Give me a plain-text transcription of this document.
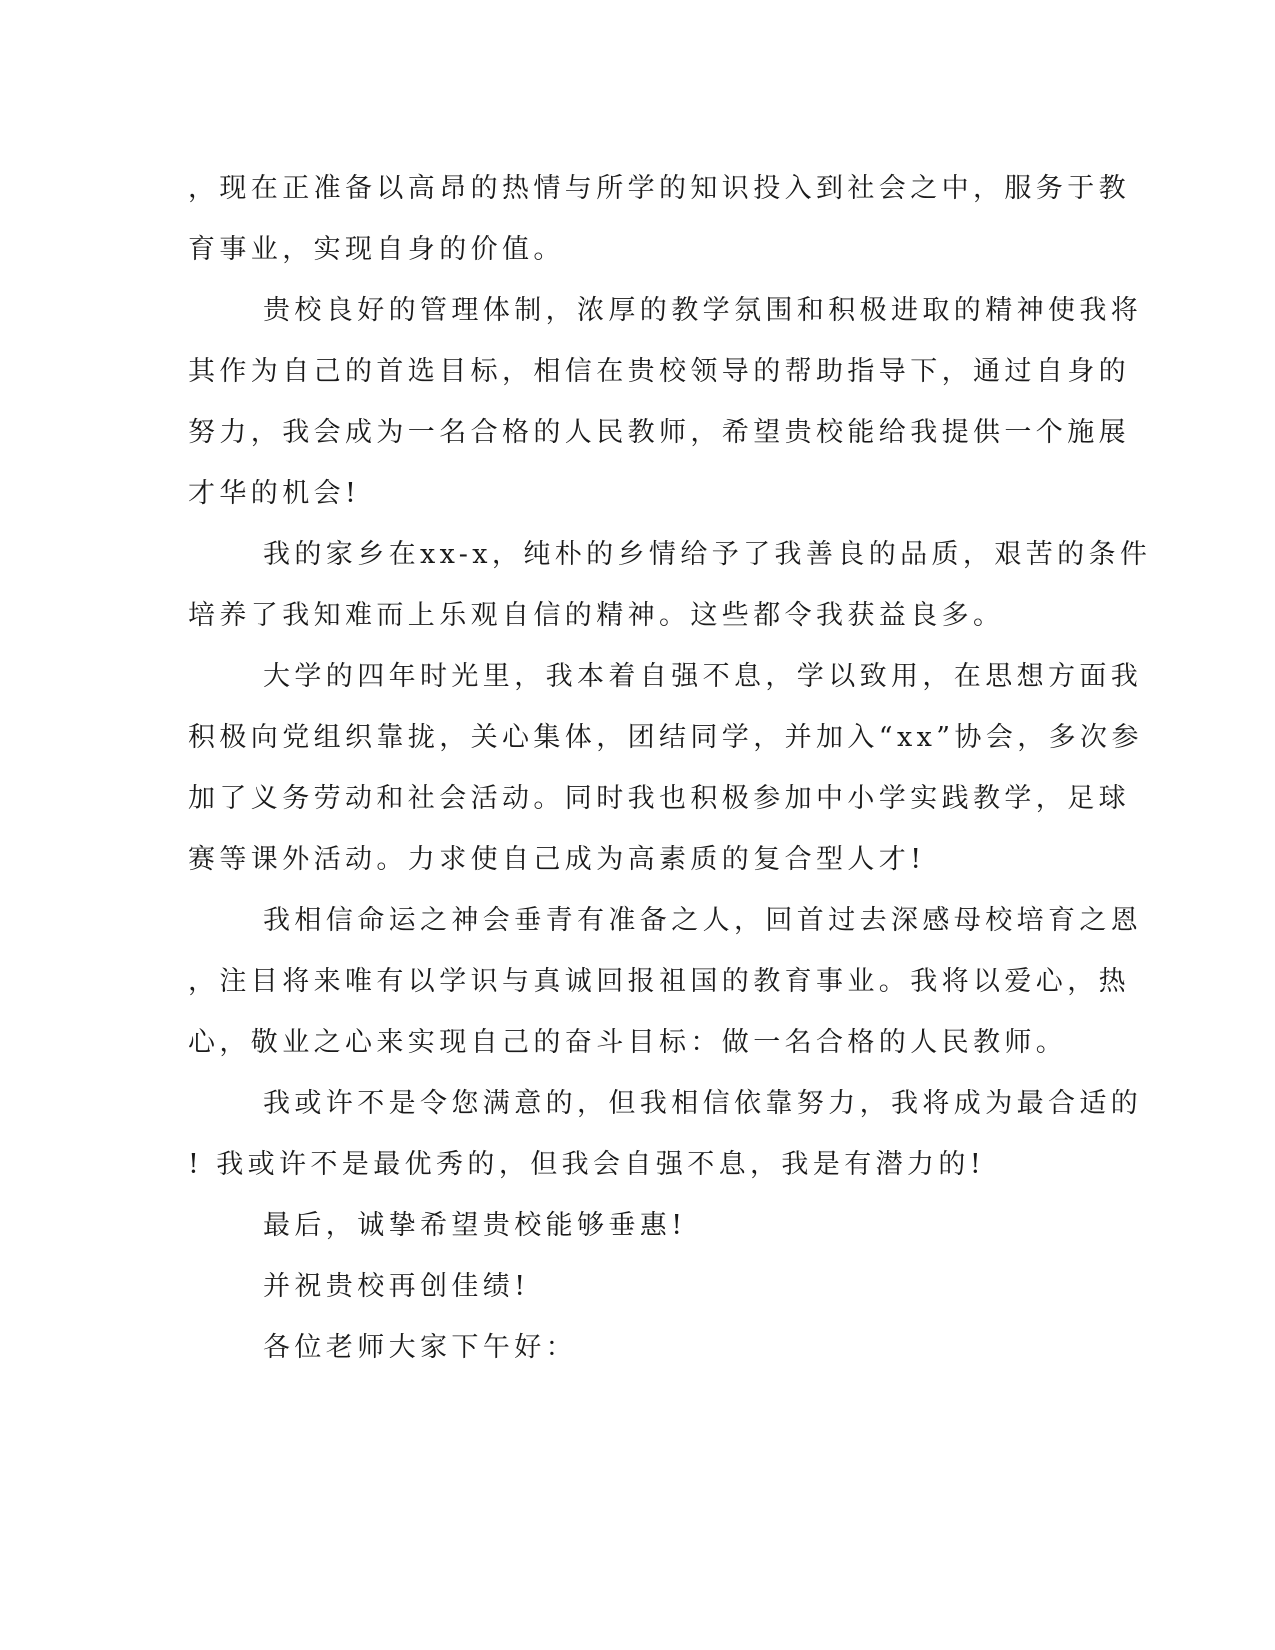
，现在正准备以高昂的热情与所学的知识投入到社会之中，服务于教
育事业，实现自身的价值。

贵校良好的管理体制，浓厚的教学氛围和积极进取的精神使我将
其作为自己的首选目标，相信在贵校领导的帮助指导下，通过自身的
努力，我会成为一名合格的人民教师，希望贵校能给我提供一个施展
才华的机会!

我的家乡在xx-x，纯朴的乡情给予了我善良的品质，艰苦的条件
培养了我知难而上乐观自信的精神。这些都令我获益良多。

大学的四年时光里，我本着自强不息，学以致用，在思想方面我
积极向党组织靠拢，关心集体，团结同学，并加入“xx”协会，多次参
加了义务劳动和社会活动。同时我也积极参加中小学实践教学，足球
赛等课外活动。力求使自己成为高素质的复合型人才!

我相信命运之神会垂青有准备之人，回首过去深感母校培育之恩
，注目将来唯有以学识与真诚回报祖国的教育事业。我将以爱心，热
心，敬业之心来实现自己的奋斗目标：做一名合格的人民教师。

我或许不是令您满意的，但我相信依靠努力，我将成为最合适的
! 我或许不是最优秀的，但我会自强不息，我是有潜力的!

最后，诚挚希望贵校能够垂惠!

并祝贵校再创佳绩!

各位老师大家下午好：
